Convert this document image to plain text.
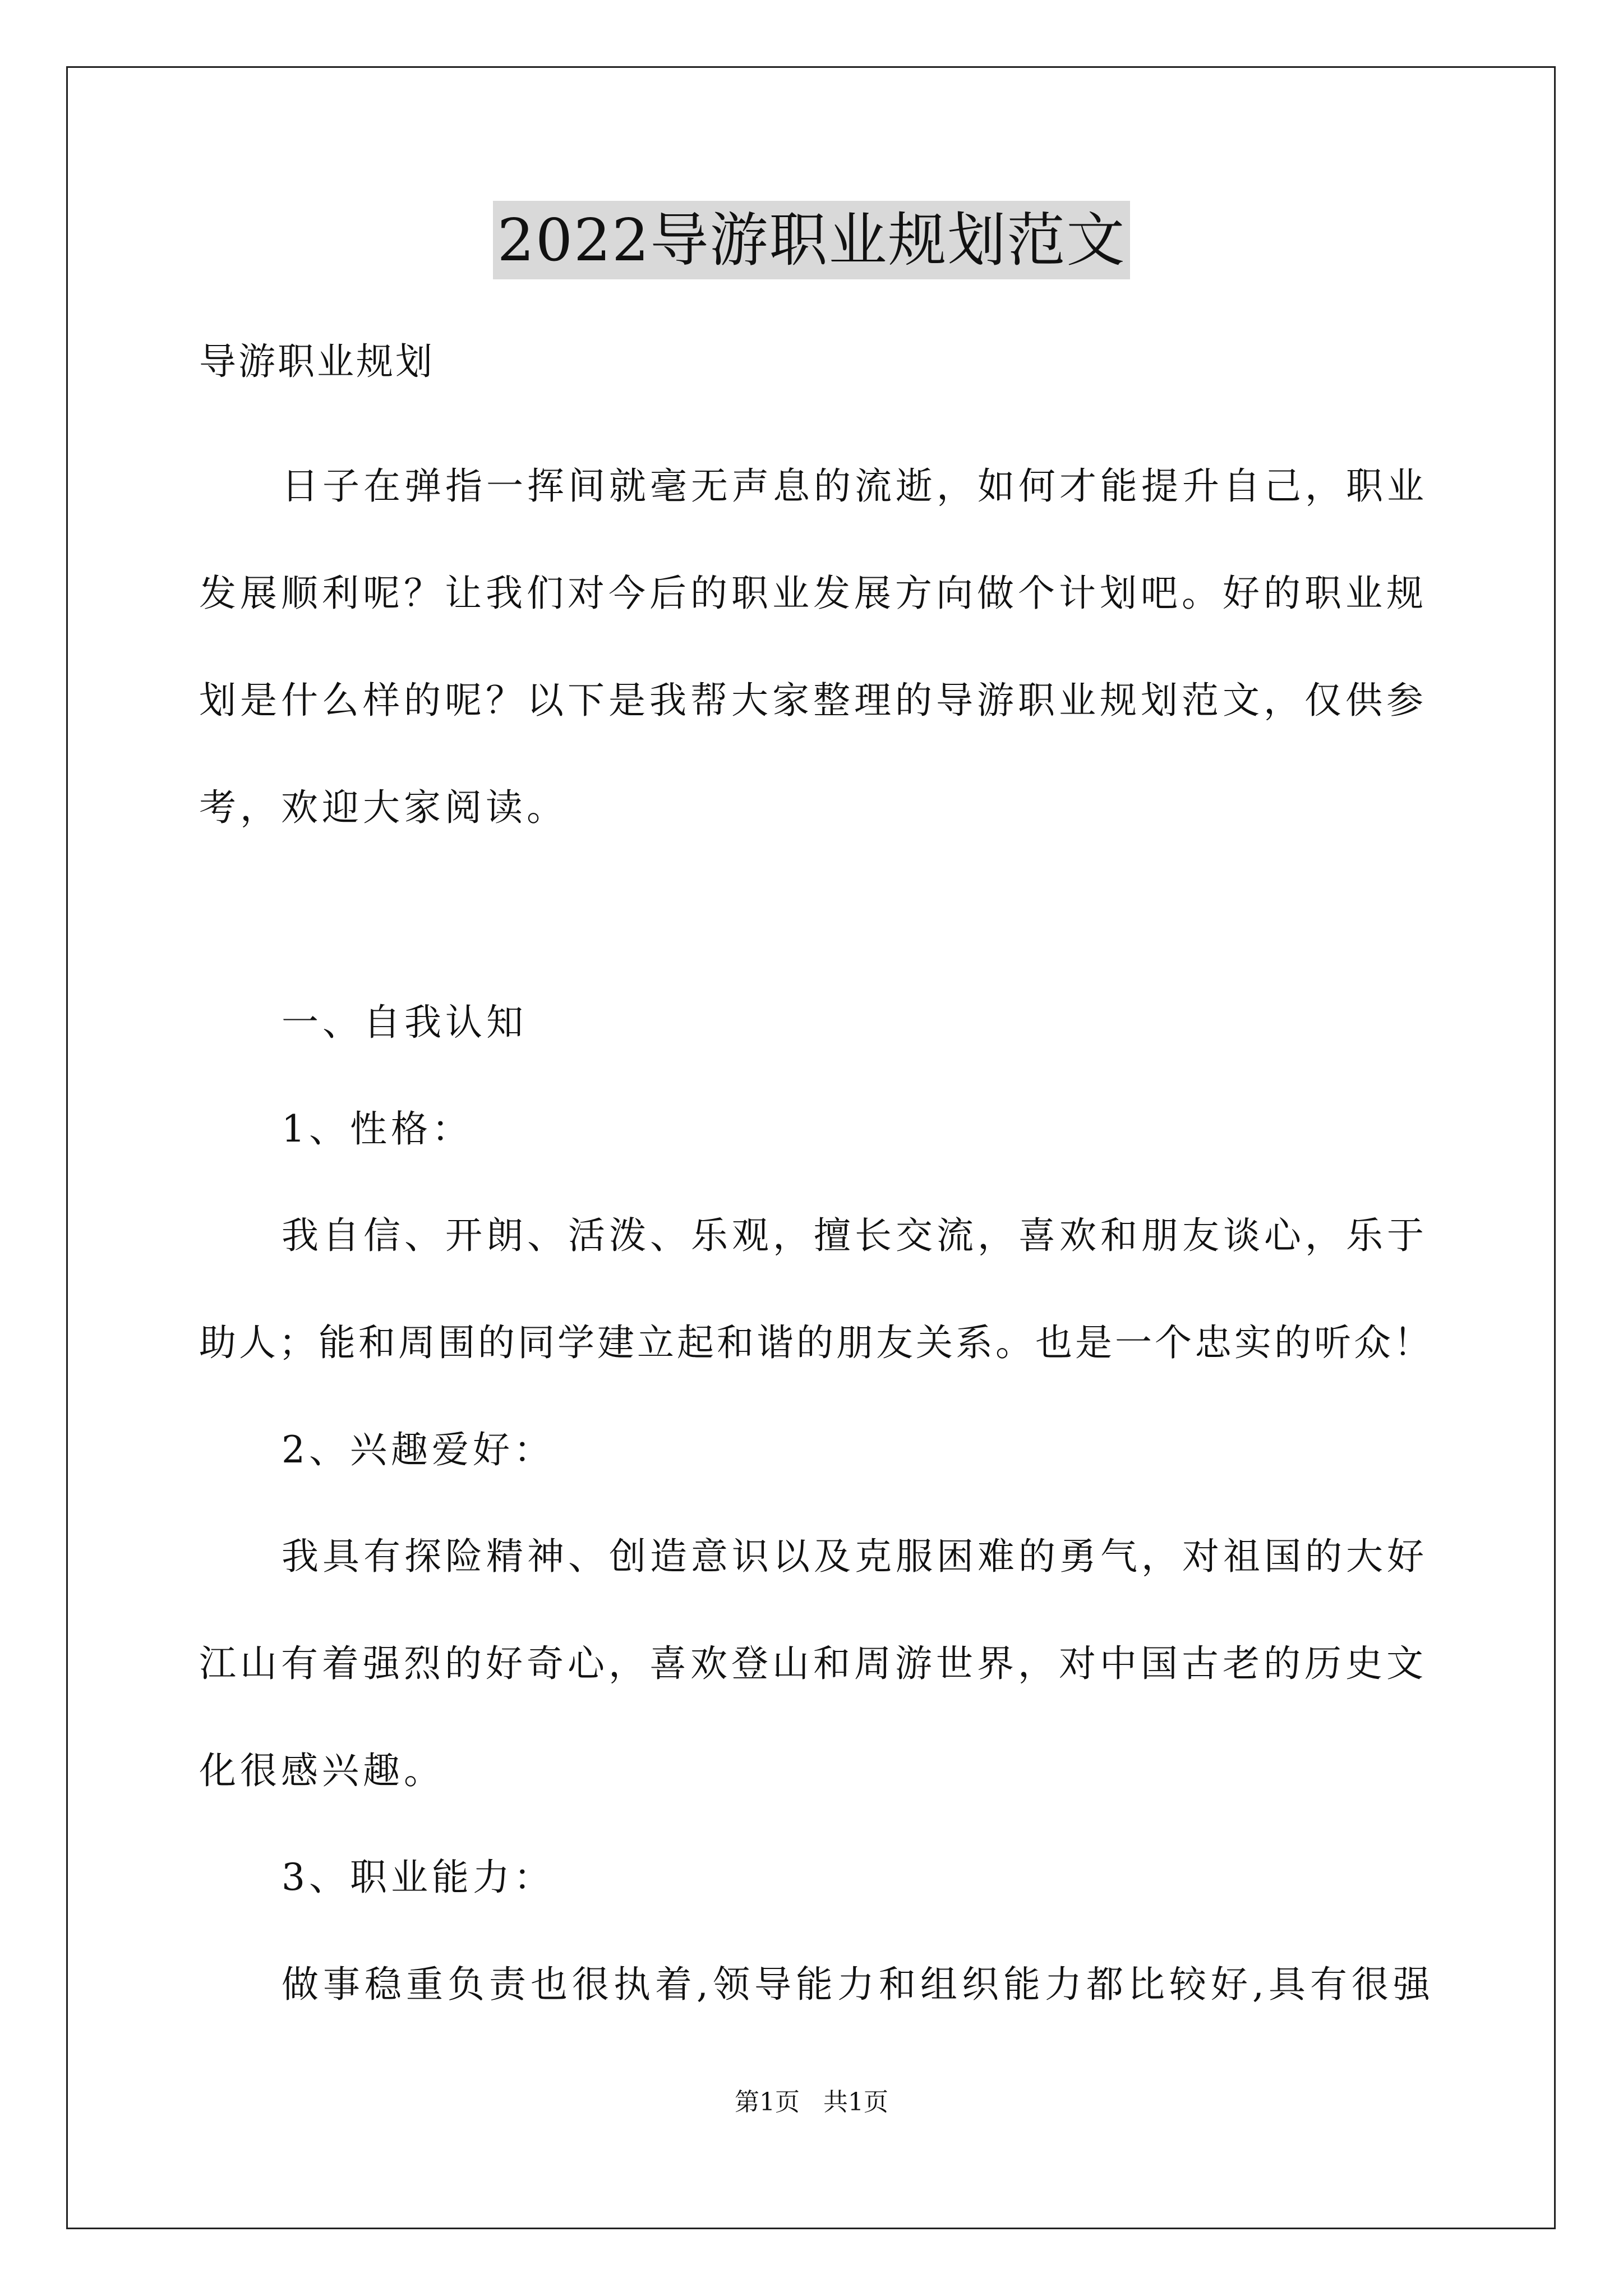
2022导游职业规划范文
导游职业规划
日子在弹指一挥间就毫无声息的流逝，如何才能提升自己，职业
发展顺利呢？让我们对今后的职业发展方向做个计划吧。好的职业规
划是什么样的呢？以下是我帮大家整理的导游职业规划范文，仅供参
考，欢迎大家阅读。
一、自我认知
1、性格：
我自信、开朗、活泼、乐观，擅长交流，喜欢和朋友谈心，乐于
助人；能和周围的同学建立起和谐的朋友关系。也是一个忠实的听众！
2、兴趣爱好：
我具有探险精神、创造意识以及克服困难的勇气，对祖国的大好
江山有着强烈的好奇心，喜欢登山和周游世界，对中国古老的历史文
化很感兴趣。
3、职业能力：
做事稳重负责也很执着,领导能力和组织能力都比较好,具有很强
第1页   共1页
